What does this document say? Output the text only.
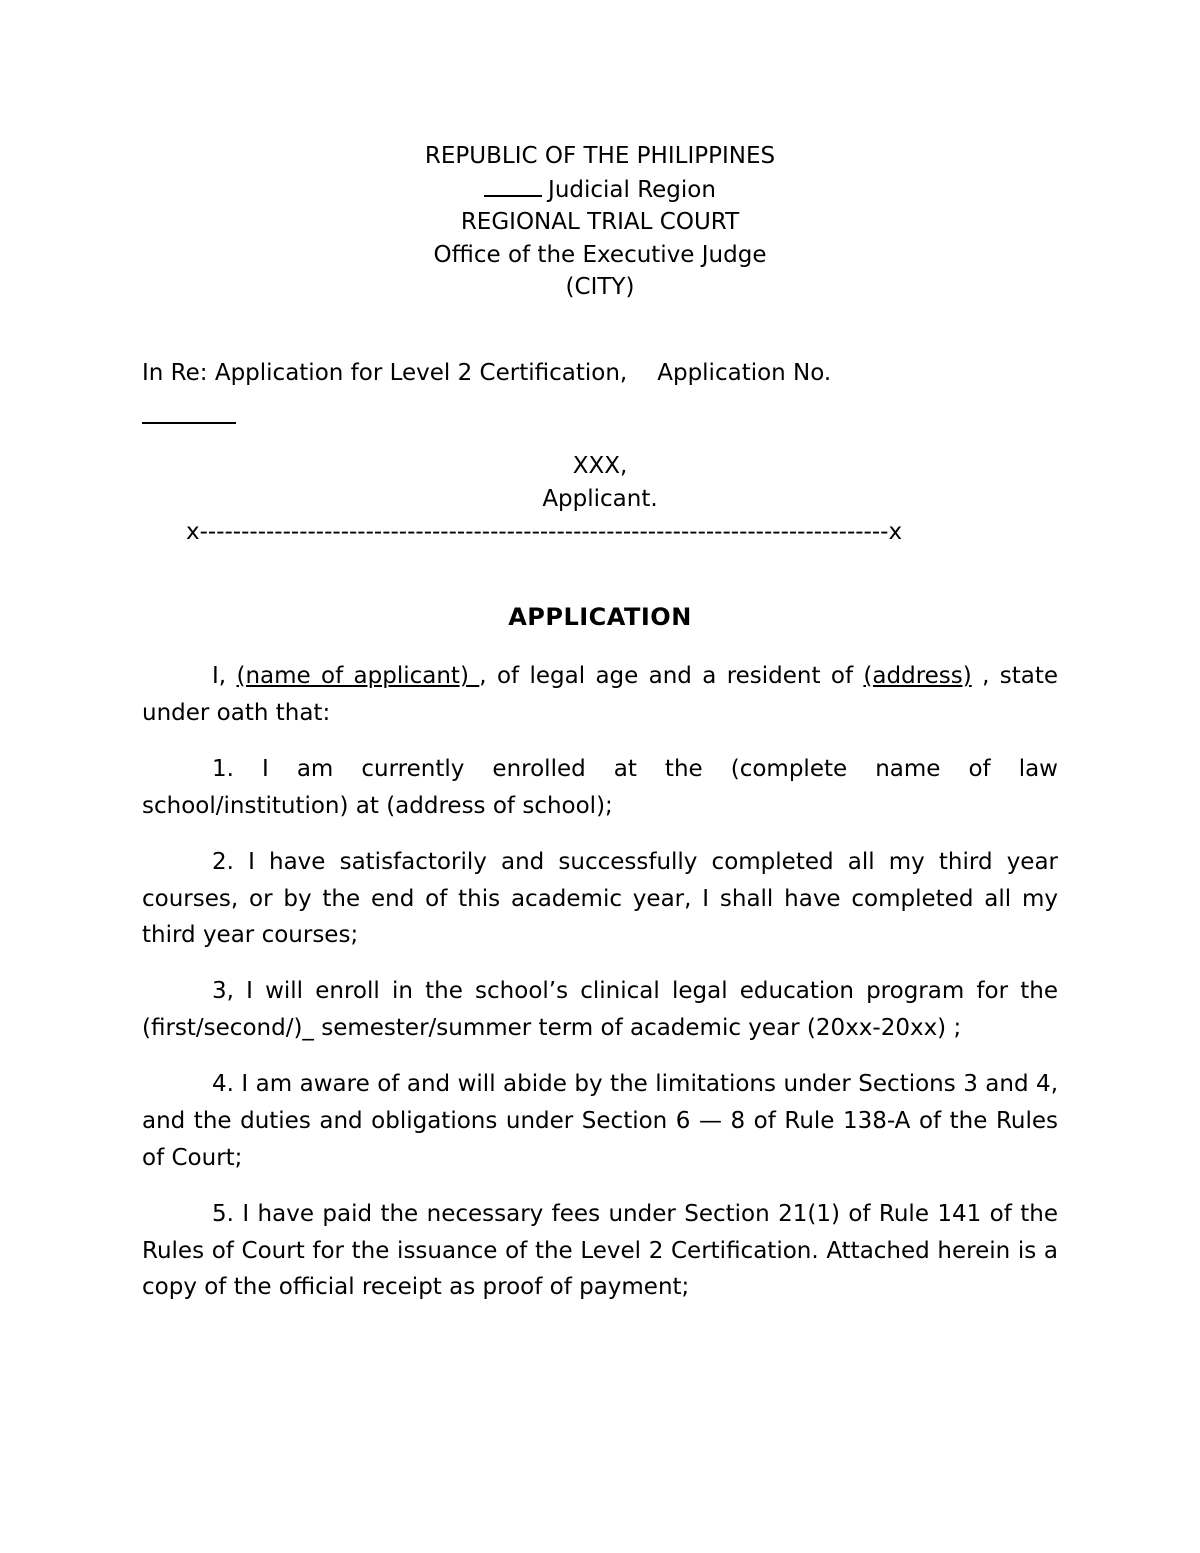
REPUBLIC OF THE PHILIPPINES
Judicial Region
REGIONAL TRIAL COURT
Office of the Executive Judge
(CITY)
In Re: Application for Level 2 Certification, Application No.
XXX,
Applicant.
x-----------------------------------------------------------------------------------x
APPLICATION

I, (name of applicant) , of legal age and a resident of (address) , state under oath that:

1. I am currently enrolled at the (complete name of law school/institution) at (address of school);

2. I have satisfactorily and successfully completed all my third year courses, or by the end of this academic year, I shall have completed all my third year courses;

3, I will enroll in the school’s clinical legal education program for the (first/second/)_ semester/summer term of academic year (20xx-20xx) ;

4. I am aware of and will abide by the limitations under Sections 3 and 4, and the duties and obligations under Section 6 — 8 of Rule 138-A of the Rules of Court;

5. I have paid the necessary fees under Section 21(1) of Rule 141 of the Rules of Court for the issuance of the Level 2 Certification. Attached herein is a copy of the official receipt as proof of payment;
